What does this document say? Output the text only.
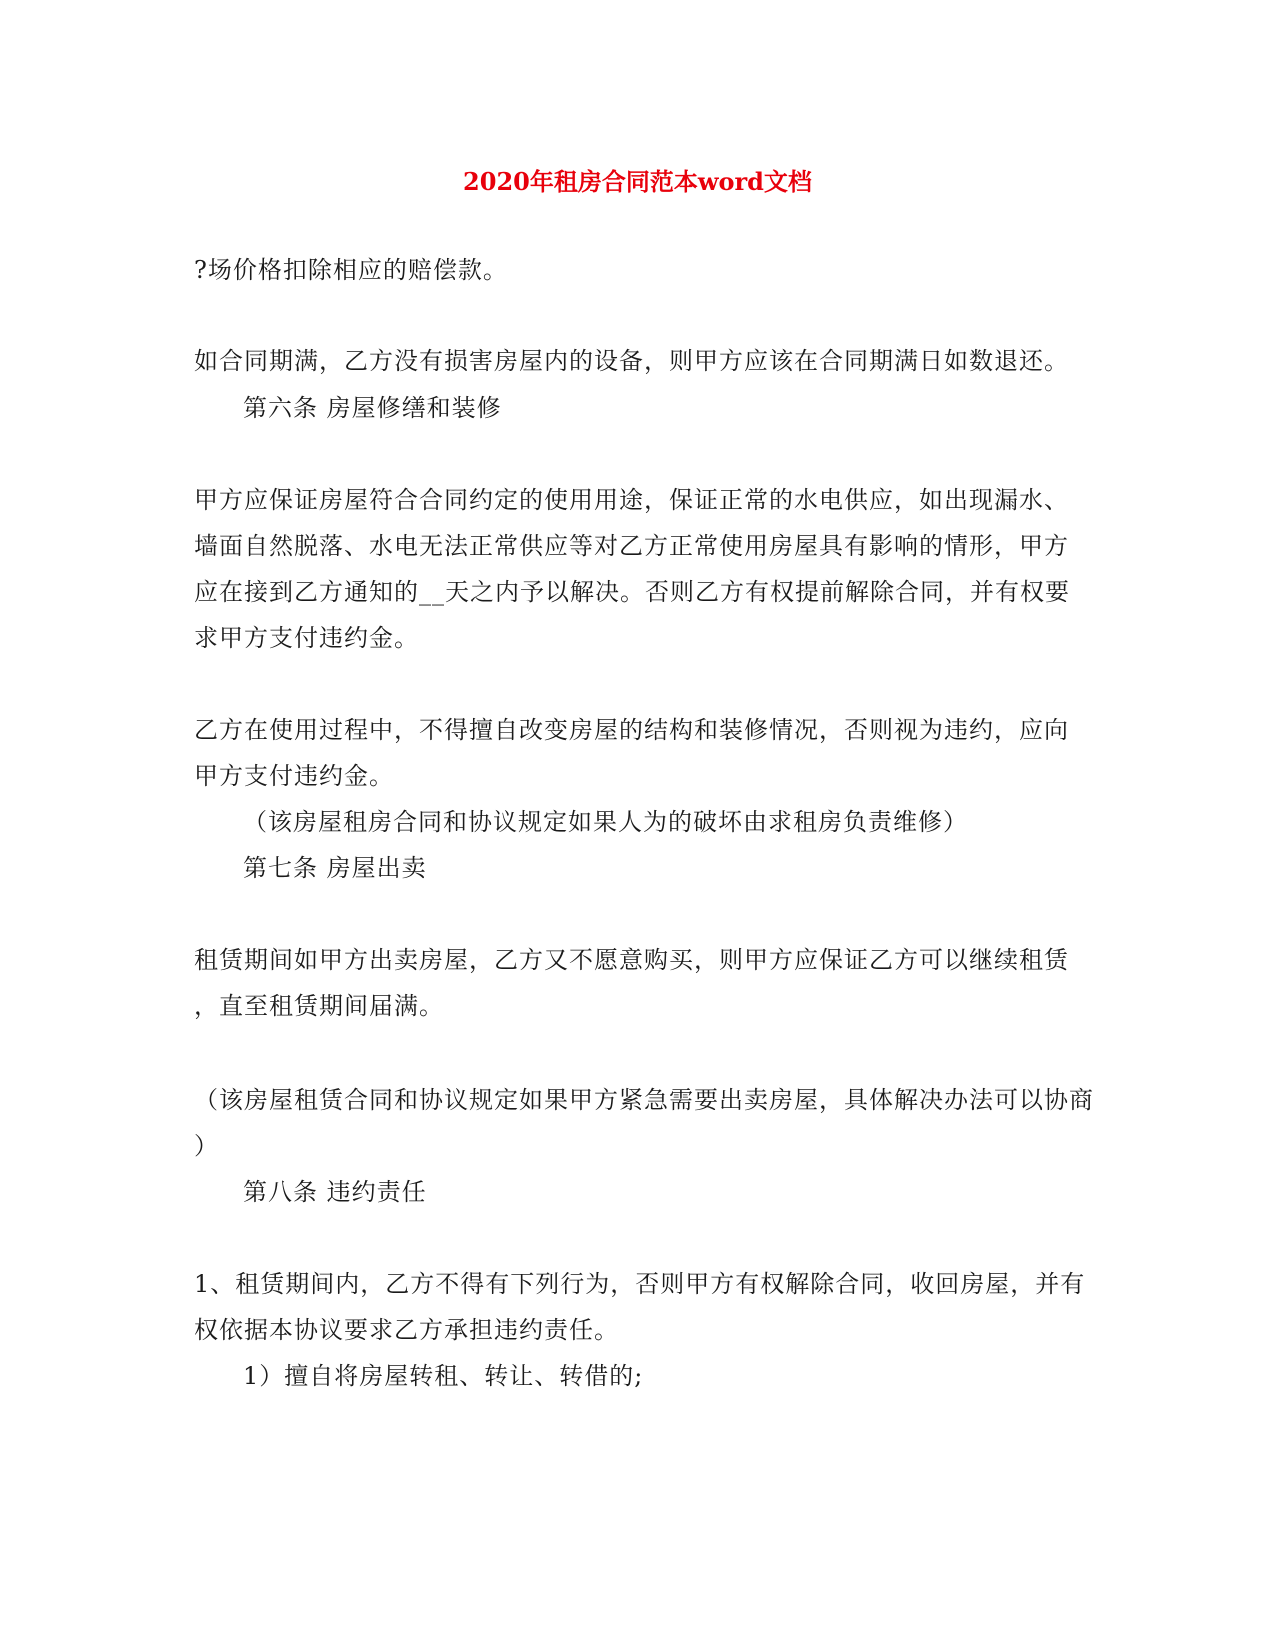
2020年租房合同范本word文档
?场价格扣除相应的赔偿款。
如合同期满，乙方没有损害房屋内的设备，则甲方应该在合同期满日如数退还。
第六条 房屋修缮和装修
甲方应保证房屋符合合同约定的使用用途，保证正常的水电供应，如出现漏水、
墙面自然脱落、水电无法正常供应等对乙方正常使用房屋具有影响的情形，甲方
应在接到乙方通知的__天之内予以解决。否则乙方有权提前解除合同，并有权要
求甲方支付违约金。
乙方在使用过程中，不得擅自改变房屋的结构和装修情况，否则视为违约，应向
甲方支付违约金。
（该房屋租房合同和协议规定如果人为的破坏由求租房负责维修）
第七条 房屋出卖
租赁期间如甲方出卖房屋，乙方又不愿意购买，则甲方应保证乙方可以继续租赁
，直至租赁期间届满。
（该房屋租赁合同和协议规定如果甲方紧急需要出卖房屋，具体解决办法可以协商
）
第八条 违约责任
1、租赁期间内，乙方不得有下列行为，否则甲方有权解除合同，收回房屋，并有
权依据本协议要求乙方承担违约责任。
1）擅自将房屋转租、转让、转借的;
